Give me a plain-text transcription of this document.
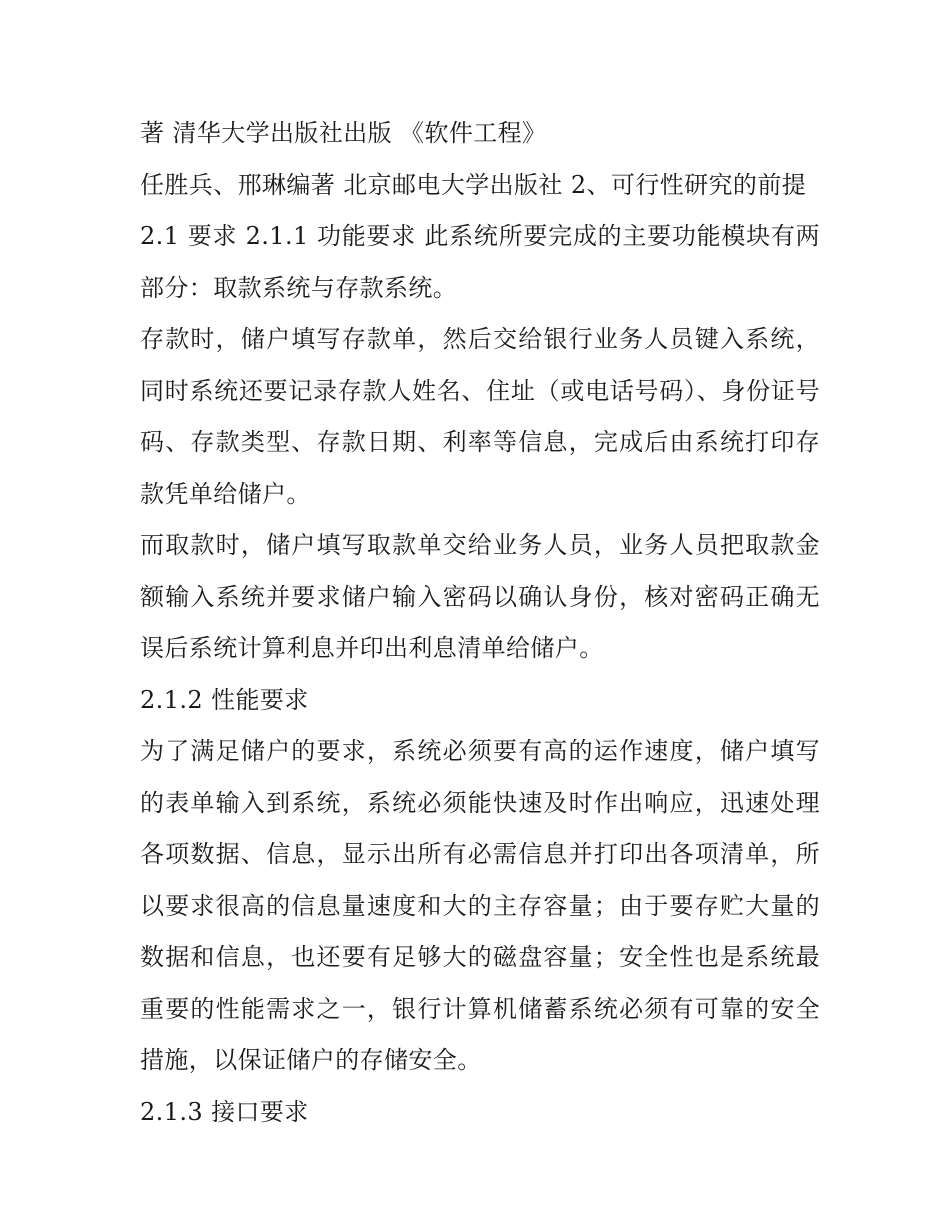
著 清华大学出版社出版 《软件工程》

任胜兵、邢琳编著 北京邮电大学出版社 2、可行性研究的前提

2.1 要求 2.1.1 功能要求 此系统所要完成的主要功能模块有两部分：取款系统与存款系统。

存款时，储户填写存款单，然后交给银行业务人员键入系统，同时系统还要记录存款人姓名、住址（或电话号码）、身份证号码、存款类型、存款日期、利率等信息，完成后由系统打印存款凭单给储户。

而取款时，储户填写取款单交给业务人员，业务人员把取款金额输入系统并要求储户输入密码以确认身份，核对密码正确无误后系统计算利息并印出利息清单给储户。

2.1.2 性能要求

为了满足储户的要求，系统必须要有高的运作速度，储户填写的表单输入到系统，系统必须能快速及时作出响应，迅速处理各项数据、信息，显示出所有必需信息并打印出各项清单，所以要求很高的信息量速度和大的主存容量；由于要存贮大量的数据和信息，也还要有足够大的磁盘容量；安全性也是系统最重要的性能需求之一，银行计算机储蓄系统必须有可靠的安全措施，以保证储户的存储安全。

2.1.3 接口要求
